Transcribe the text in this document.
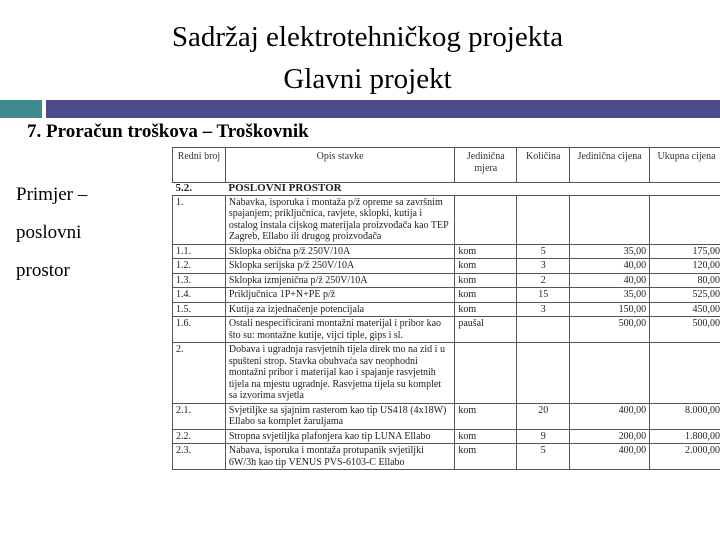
Sadržaj elektrotehničkog projekta
Glavni projekt
7. Proračun troškova – Troškovnik
Primjer –
poslovni
prostor
Redni broj	Opis stavke	Jedinična mjera	Količina	Jedinična cijena	Ukupna cijena
5.2.	POSLOVNI PROSTOR				
1.	Nabavka, isporuka i montaža p/ž opreme sa završnim spajanjem; priključnica, ravjete, sklopki, kutija i ostalog instala cijskog materijala proizvođača kao TEP Zagreb, Ellabo ili drugog proizvođača				
1.1.	Sklopka obična p/ž 250V/10A	kom	5	35,00	175,00
1.2.	Sklopka serijska p/ž 250V/10A	kom	3	40,00	120,00
1.3.	Sklopka izmjenična p/ž 250V/10A	kom	2	40,00	80,00
1.4.	Priključnica 1P+N+PE p/ž	kom	15	35,00	525,00
1.5.	Kutija za izjednačenje potencijala	kom	3	150,00	450,00
1.6.	Ostali nespecificirani montažni materijal i pribor kao što su: montažne kutije, vijci tiple, gips i sl.	paušal		500,00	500,00
2.	Dobava i ugradnja rasvjetnih tijela direk tno na zid i u spušteni strop. Stavka obuhvaća sav neophodni montažni pribor i materijal kao i spajanje rasvjetnih tijela na mjestu ugradnje. Rasvjetna tijela su komplet sa izvorima svjetla				
2.1.	Svjetiljke sa sjajnim rasterom kao tip US418 (4x18W) Ellabo sa komplet žaruljama	kom	20	400,00	8.000,00
2.2.	Stropna svjetiljka plafonjera kao tip LUNA Ellabo	kom	9	200,00	1.800,00
2.3.	Nabava, isporuka i montaža protupanik svjetiljki 6W/3h kao tip VENUS PVS-6103-C Ellabo	kom	5	400,00	2.000,00
